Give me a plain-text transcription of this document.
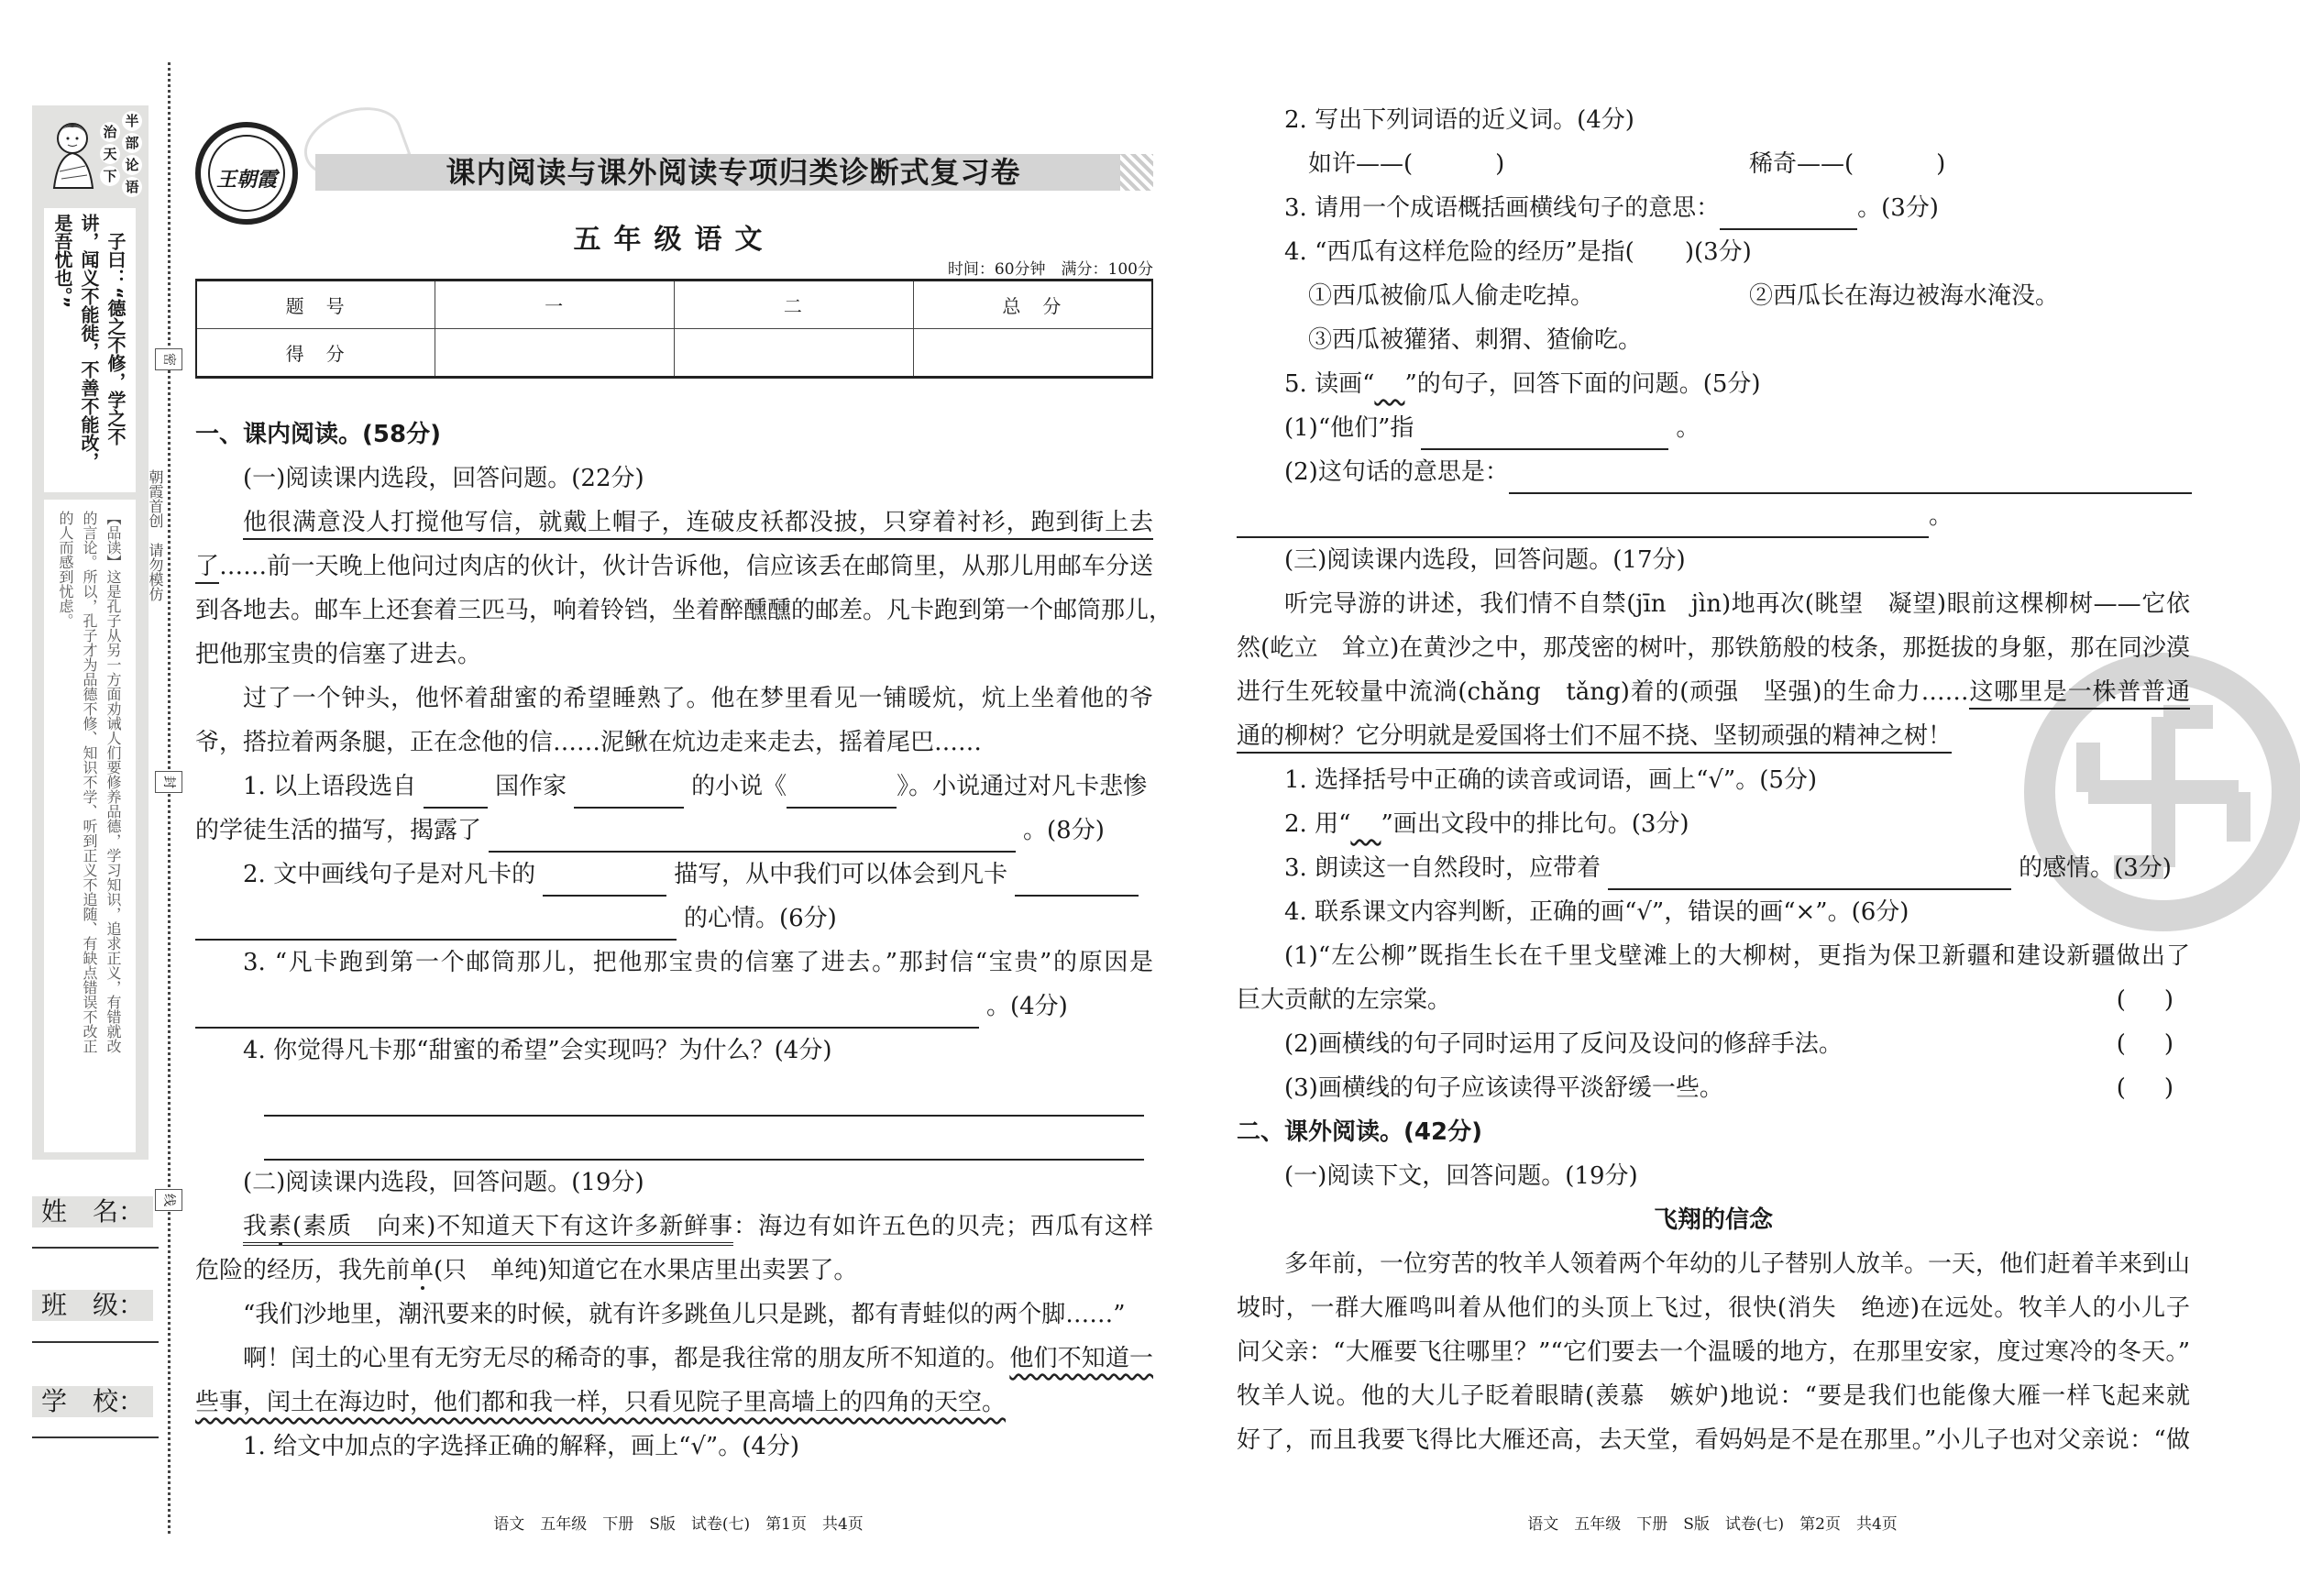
半
部
论
语
治
天
下
子曰：“德之不修，学之不
讲，闻义不能徙，不善不能改，
是吾忧也。”
【品读】这是孔子从另一方面劝诫人们要修养品德，学习知识，追求正义，有错就改
的言论。所以，孔子才为品德不修、知识不学、听到正义不追随、有缺点错误不改正
的人而感到忧虑。
姓　名：
班　级：
学　校：
密
封
线
朝霞首创　请勿模仿
王朝霞	课内阅读与课外阅读专项归类诊断式复习卷
五年级语文
时间：60分钟　满分：100分
题　号	一	二	总　分
得　分			
一、课内阅读。(58分)
(一)阅读课内选段，回答问题。(22分)
他很满意没人打搅他写信，就戴上帽子，连破皮袄都没披，只穿着衬衫，跑到街上去
了……前一天晚上他问过肉店的伙计，伙计告诉他，信应该丢在邮筒里，从那儿用邮车分送
到各地去。邮车上还套着三匹马，响着铃铛，坐着醉醺醺的邮差。凡卡跑到第一个邮筒那儿，
把他那宝贵的信塞了进去。
过了一个钟头，他怀着甜蜜的希望睡熟了。他在梦里看见一铺暖炕，炕上坐着他的爷
爷，搭拉着两条腿，正在念他的信……泥鳅在炕边走来走去，摇着尾巴……
1. 以上语段选自	国作家	的小说《	》。小说通过对凡卡悲惨
的学徒生活的描写，揭露了	。(8分)
2. 文中画线句子是对凡卡的	描写，从中我们可以体会到凡卡
的心情。(6分)
3. “凡卡跑到第一个邮筒那儿，把他那宝贵的信塞了进去。”那封信“宝贵”的原因是
。(4分)
4. 你觉得凡卡那“甜蜜的希望”会实现吗？为什么？(4分)
(二)阅读课内选段，回答问题。(19分)
我素(素质　向来)不知道天下有这许多新鲜事：海边有如许五色的贝壳；西瓜有这样
危险的经历，我先前单(只　单纯)知道它在水果店里出卖罢了。
“我们沙地里，潮汛要来的时候，就有许多跳鱼儿只是跳，都有青蛙似的两个脚……”
啊！闰土的心里有无穷无尽的稀奇的事，都是我往常的朋友所不知道的。他们不知道一
些事，闰土在海边时，他们都和我一样，只看见院子里高墙上的四角的天空。
1. 给文中加点的字选择正确的解释，画上“√”。(4分)
语文　五年级　下册　S版　试卷(七)　第1页　共4页
2. 写出下列词语的近义词。(4分)
如许——(	)	稀奇——(	)
3. 请用一个成语概括画横线句子的意思：	。(3分)
4. “西瓜有这样危险的经历”是指( )(3分)
①西瓜被偷瓜人偷走吃掉。	②西瓜长在海边被海水淹没。
③西瓜被獾猪、刺猬、猹偷吃。
5. 读画“ ”的句子，回答下面的问题。(5分)
(1)“他们”指	。
(2)这句话的意思是：
。
(三)阅读课内选段，回答问题。(17分)
听完导游的讲述，我们情不自禁(jīn　jìn)地再次(眺望　凝望)眼前这棵柳树——它依
然(屹立　耸立)在黄沙之中，那茂密的树叶，那铁筋般的枝条，那挺拔的身躯，那在同沙漠
进行生死较量中流淌(chǎng　tǎng)着的(顽强　坚强)的生命力……这哪里是一株普普通
通的柳树？它分明就是爱国将士们不屈不挠、坚韧顽强的精神之树！
1. 选择括号中正确的读音或词语，画上“√”。(5分)
2. 用“ ”画出文段中的排比句。(3分)
3. 朗读这一自然段时，应带着	的感情。(3分)
4. 联系课文内容判断，正确的画“√”，错误的画“×”。(6分)
(1)“左公柳”既指生长在千里戈壁滩上的大柳树，更指为保卫新疆和建设新疆做出了
巨大贡献的左宗棠。	(　)
(2)画横线的句子同时运用了反问及设问的修辞手法。	(　)
(3)画横线的句子应该读得平淡舒缓一些。	(　)
二、课外阅读。(42分)
(一)阅读下文，回答问题。(19分)
飞翔的信念
多年前，一位穷苦的牧羊人领着两个年幼的儿子替别人放羊。一天，他们赶着羊来到山
坡时，一群大雁鸣叫着从他们的头顶上飞过，很快(消失　绝迹)在远处。牧羊人的小儿子
问父亲：“大雁要飞往哪里？”“它们要去一个温暖的地方，在那里安家，度过寒冷的冬天。”
牧羊人说。他的大儿子眨着眼睛(羡慕　嫉妒)地说：“要是我们也能像大雁一样飞起来就
好了，而且我要飞得比大雁还高，去天堂，看妈妈是不是在那里。”小儿子也对父亲说：“做
语文　五年级　下册　S版　试卷(七)　第2页　共4页
